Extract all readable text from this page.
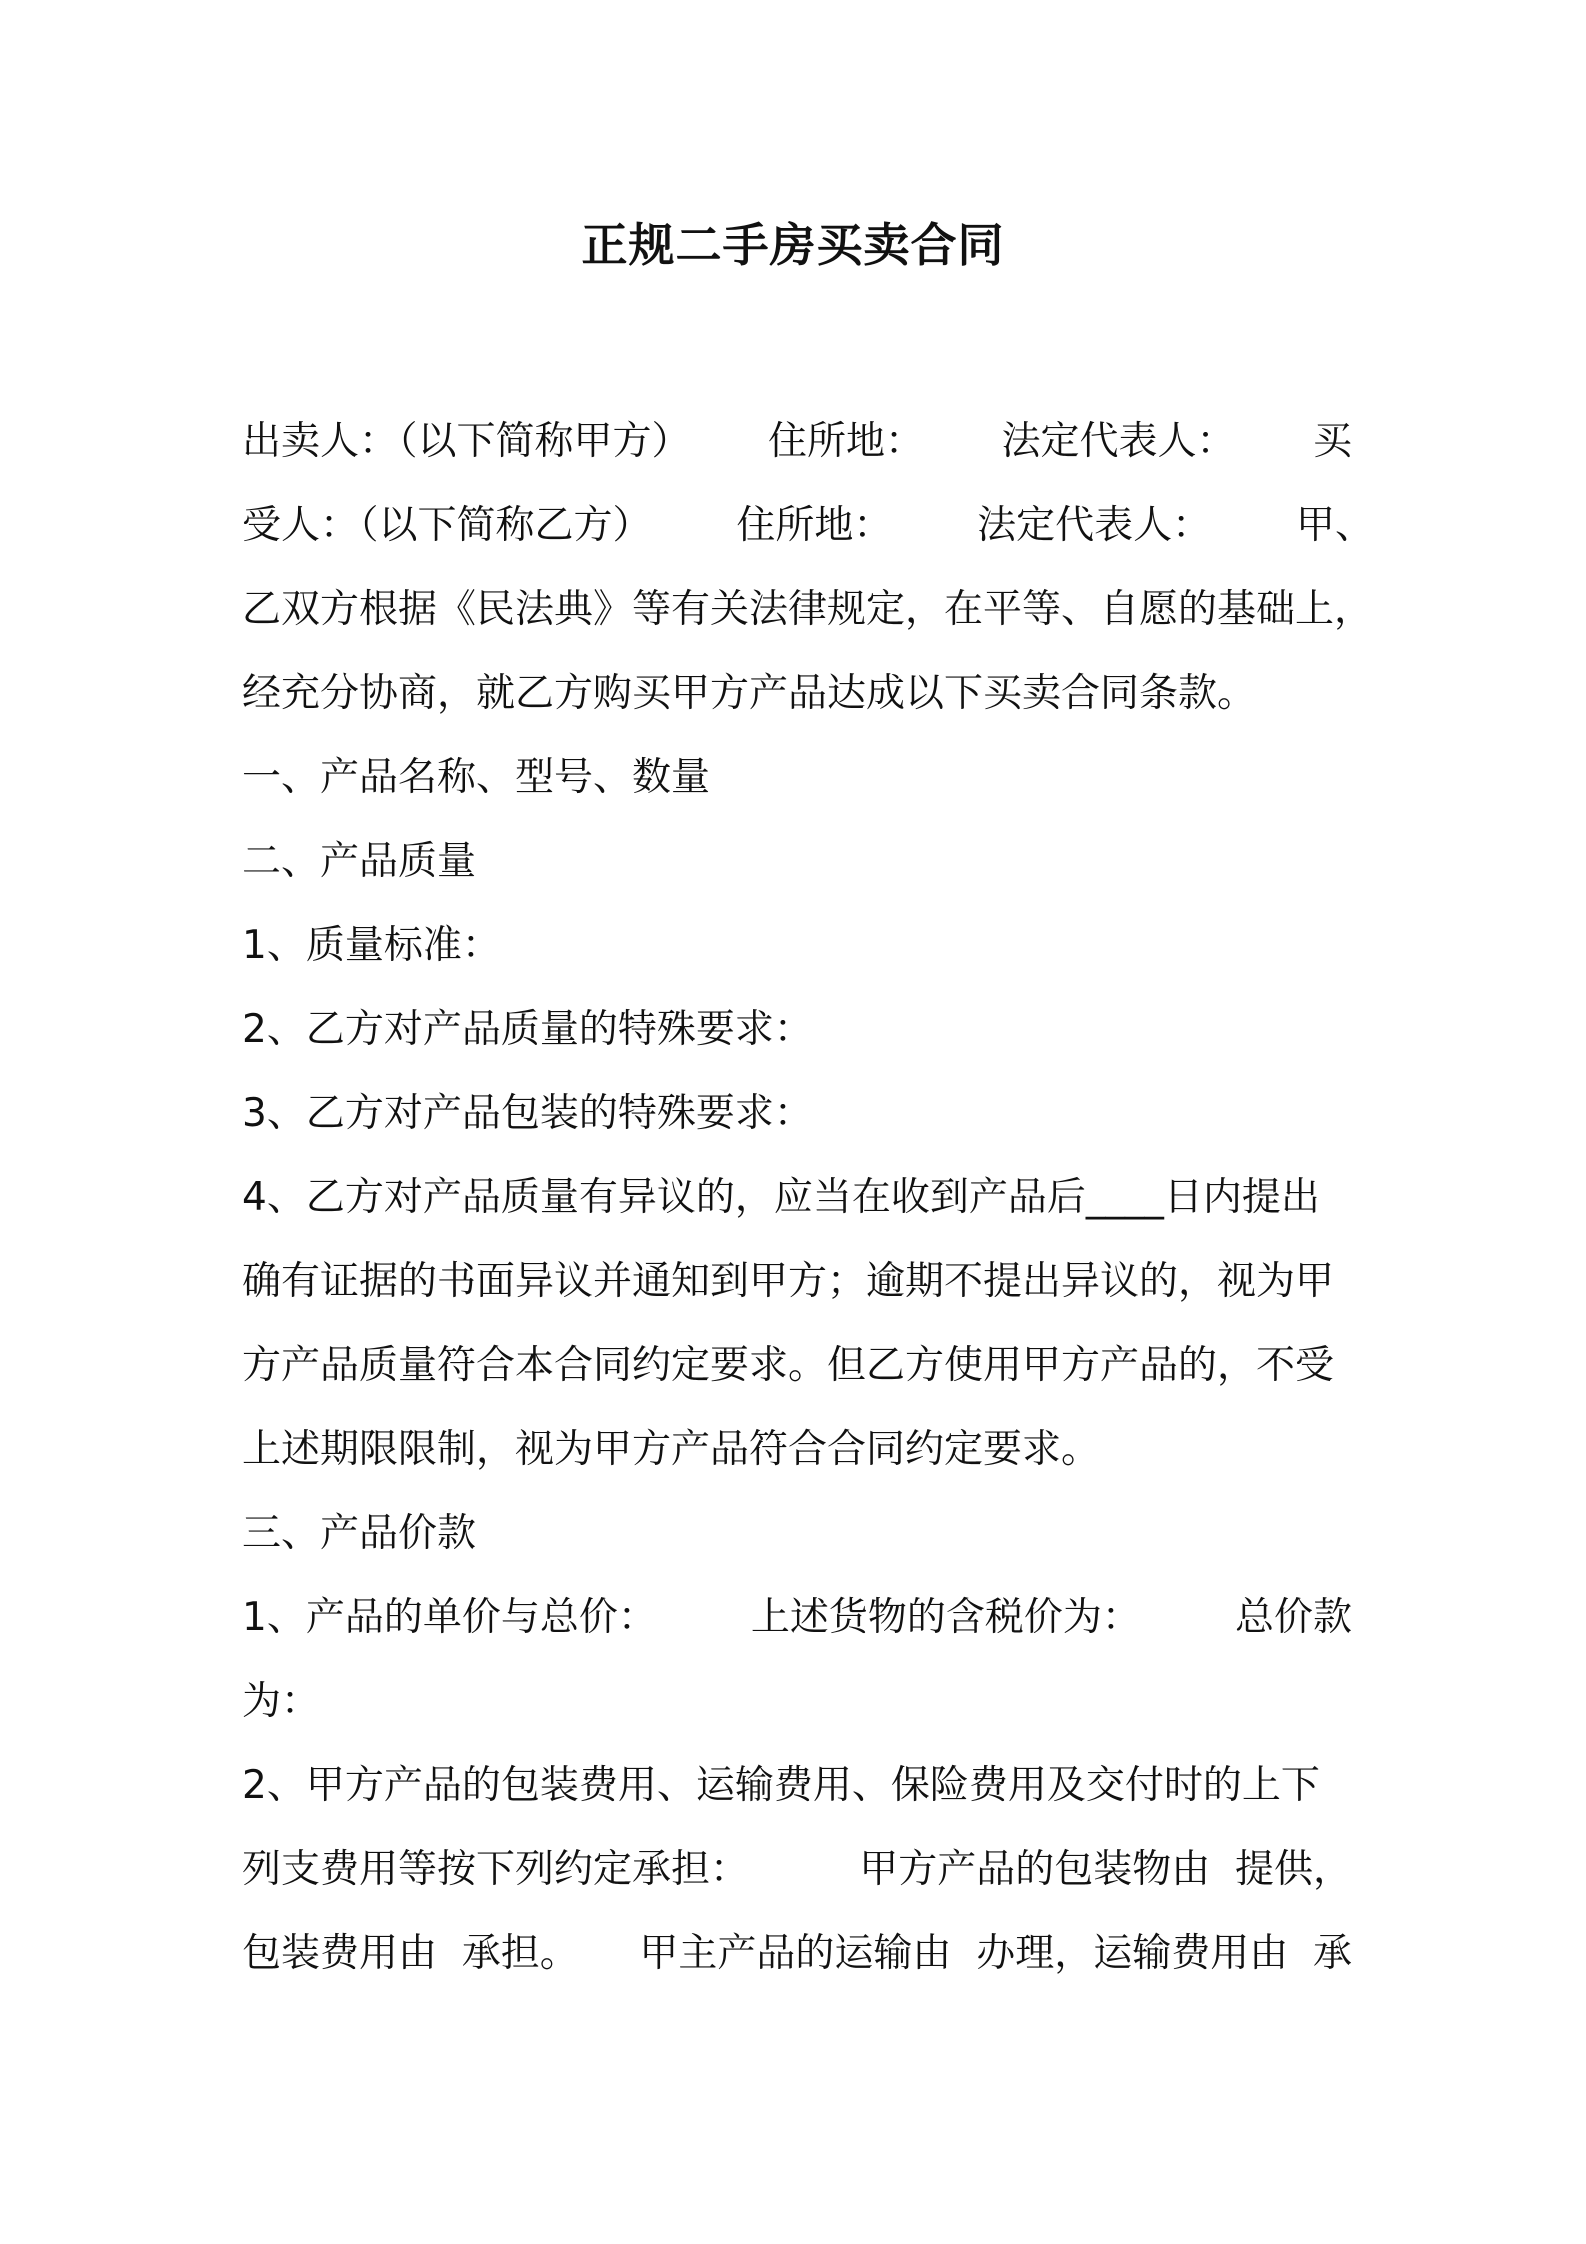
正规二手房买卖合同
出卖人：（以下简称甲方） 住所地： 法定代表人： 买
受人：（以下简称乙方） 住所地： 法定代表人： 甲、
乙双方根据《民法典》等有关法律规定，在平等、自愿的基础上，
经充分协商，就乙方购买甲方产品达成以下买卖合同条款。
一、产品名称、型号、数量
二、产品质量
1、质量标准：
2、乙方对产品质量的特殊要求：
3、乙方对产品包装的特殊要求：
4、乙方对产品质量有异议的，应当在收到产品后____日内提出
确有证据的书面异议并通知到甲方；逾期不提出异议的，视为甲
方产品质量符合本合同约定要求。但乙方使用甲方产品的，不受
上述期限限制，视为甲方产品符合合同约定要求。
三、产品价款
1、产品的单价与总价： 上述货物的含税价为： 总价款
为：
2、甲方产品的包装费用、运输费用、保险费用及交付时的上下
列支费用等按下列约定承担：	甲方产品的包装物由  提供，
包装费用由  承担。 甲主产品的运输由  办理，运输费用由  承
